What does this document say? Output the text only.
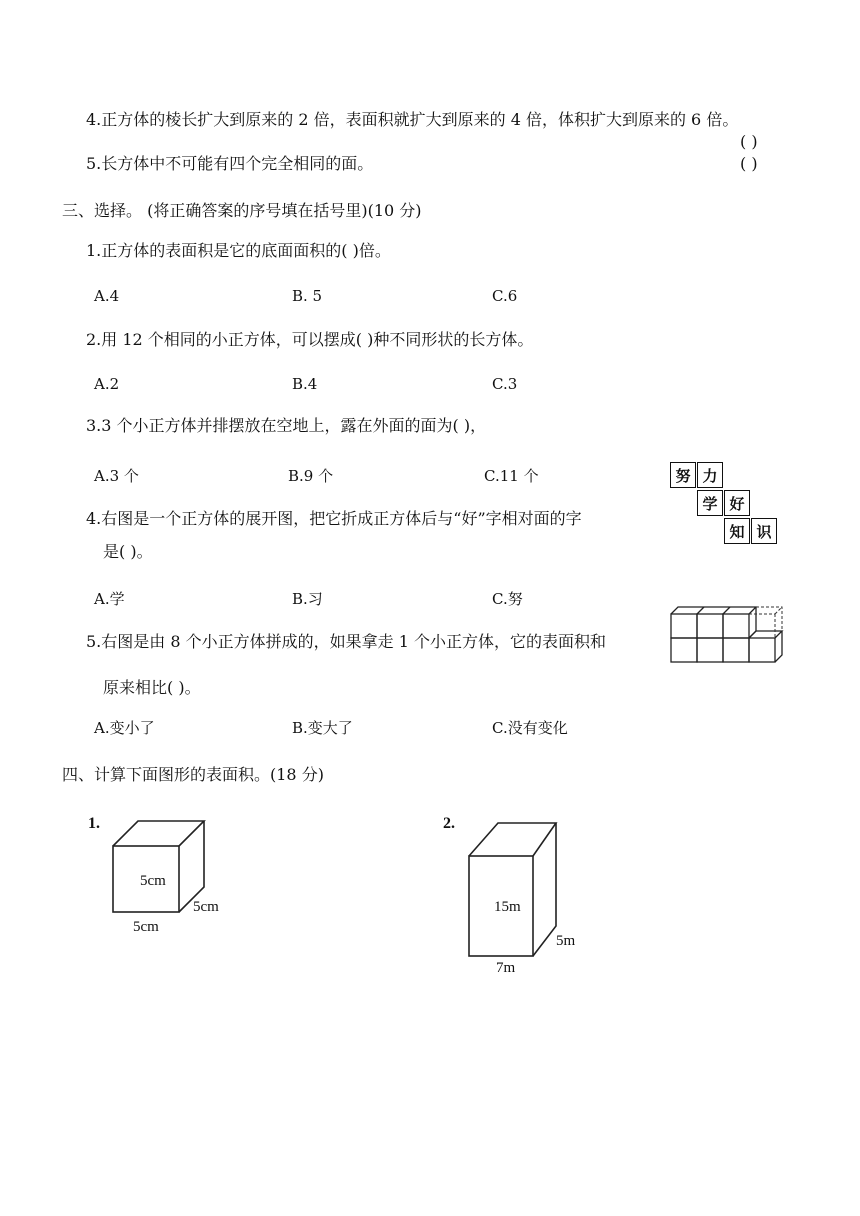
4.正方体的棱长扩大到原来的 2 倍，表面积就扩大到原来的 4 倍，体积扩大到原来的 6 倍。
( )
5.长方体中不可能有四个完全相同的面。	( )
三、选择。 (将正确答案的序号填在括号里)(10 分)
1.正方体的表面积是它的底面面积的( )倍。
A.4	B. 5	C.6
2.用 12 个相同的小正方体，可以摆成( )种不同形状的长方体。
A.2	B.4	C.3
3.3 个小正方体并排摆放在空地上，露在外面的面为( )，
A.3 个	B.9 个	C.11 个	努 力
学 好
知 识
4.右图是一个正方体的展开图，把它折成正方体后与“好”字相对面的字
是( )。
A.学	B.习	C.努
5.右图是由 8 个小正方体拼成的，如果拿走 1 个小正方体，它的表面积和
原来相比( )。
A.变小了	B.变大了	C.没有变化
四、计算下面图形的表面积。(18 分)
1.
5cm
5cm
5cm
2.
15m
5m
7m
